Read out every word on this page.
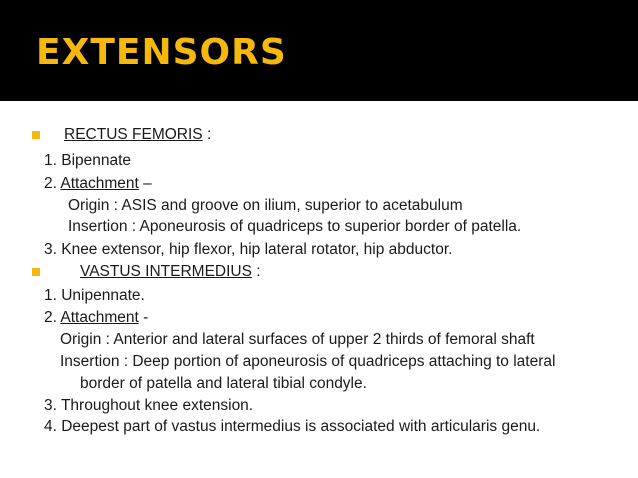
EXTENSORS
RECTUS FEMORIS :
1. Bipennate
2. Attachment –
Origin : ASIS and groove on ilium, superior to acetabulum
Insertion : Aponeurosis of quadriceps to superior border of patella.
3. Knee extensor, hip flexor, hip lateral rotator, hip abductor.
VASTUS INTERMEDIUS :
1. Unipennate.
2. Attachment -
Origin : Anterior and lateral surfaces of upper 2 thirds of femoral shaft
Insertion : Deep portion of aponeurosis of quadriceps attaching to lateral
border of patella and lateral tibial condyle.
3. Throughout knee extension.
4. Deepest part of vastus intermedius is associated with articularis genu.
